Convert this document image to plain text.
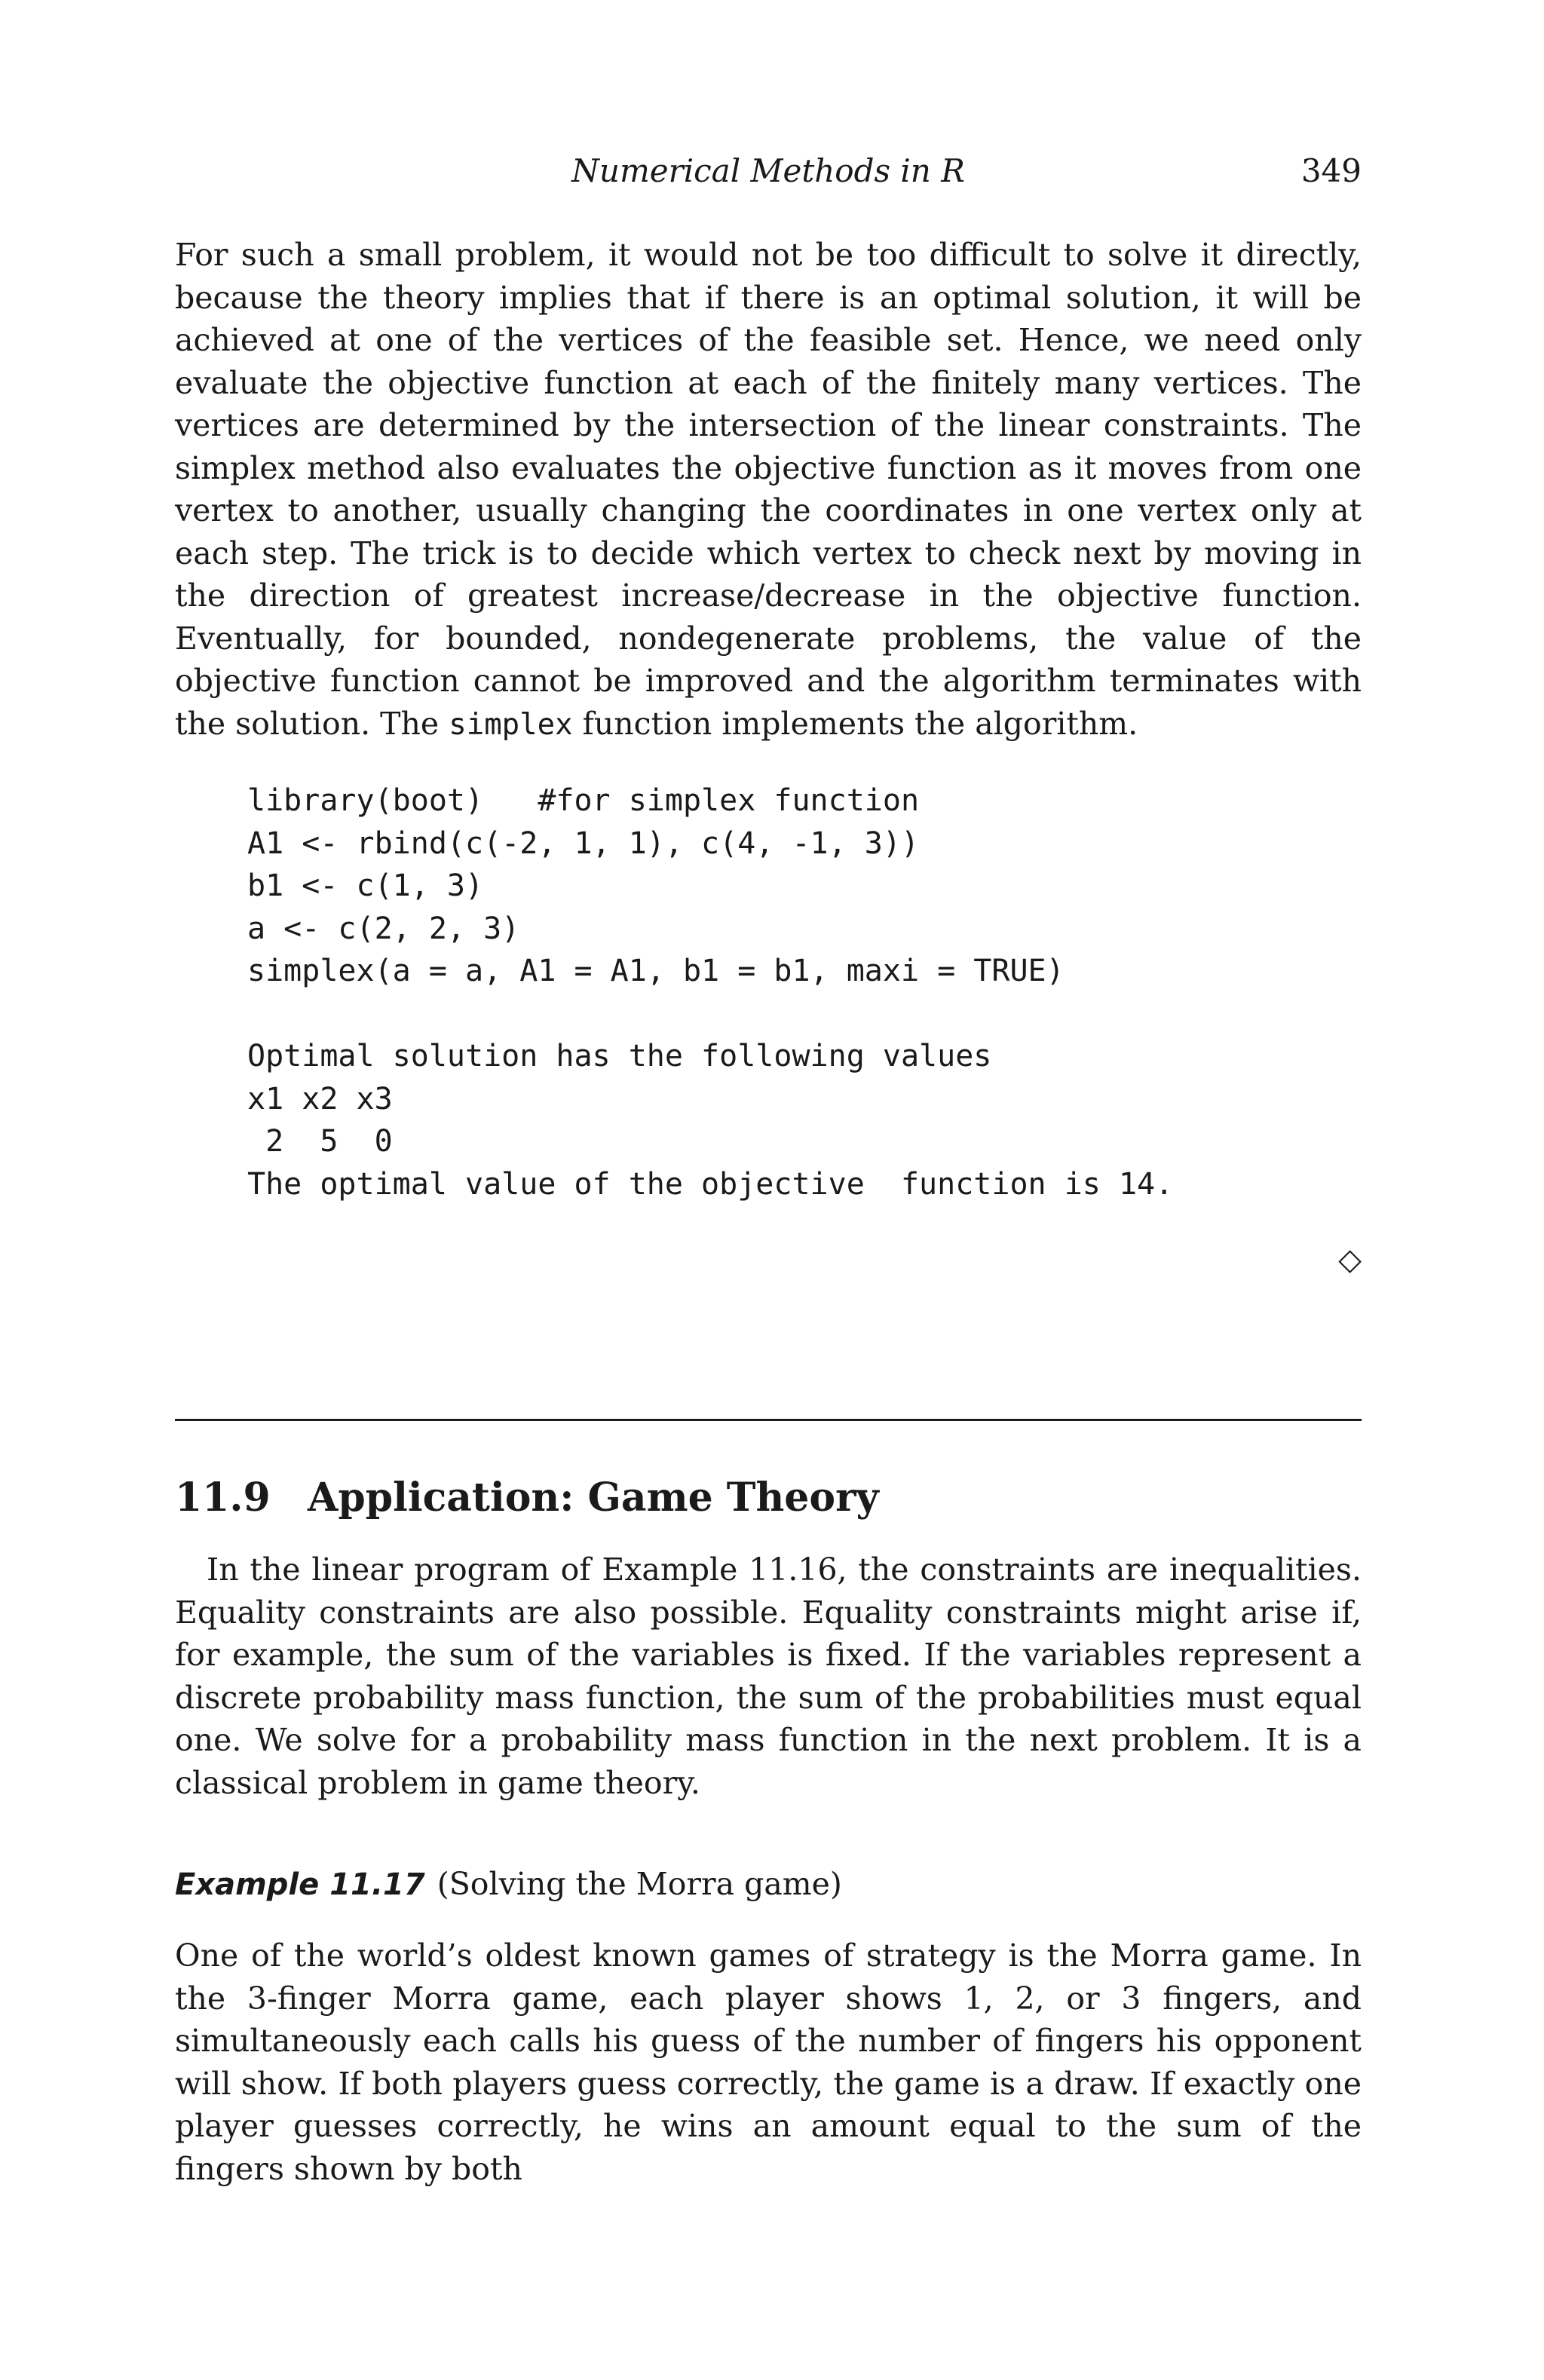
Numerical Methods in R	349

For such a small problem, it would not be too difficult to solve it directly, because the theory implies that if there is an optimal solution, it will be achieved at one of the vertices of the feasible set. Hence, we need only evaluate the objective function at each of the finitely many vertices. The vertices are determined by the intersection of the linear constraints. The simplex method also evaluates the objective function as it moves from one vertex to another, usually changing the coordinates in one vertex only at each step. The trick is to decide which vertex to check next by moving in the direction of greatest increase/decrease in the objective function. Eventually, for bounded, nondegenerate problems, the value of the objective function cannot be improved and the algorithm terminates with the solution. The simplex function implements the algorithm.

library(boot)   #for simplex function
A1 <- rbind(c(-2, 1, 1), c(4, -1, 3))
b1 <- c(1, 3)
a <- c(2, 2, 3)
simplex(a = a, A1 = A1, b1 = b1, maxi = TRUE)
Optimal solution has the following values
x1 x2 x3
2  5  0
The optimal value of the objective  function is 14.
◇
11.9 Application: Game Theory

In the linear program of Example 11.16, the constraints are inequalities. Equality constraints are also possible. Equality constraints might arise if, for example, the sum of the variables is fixed. If the variables represent a discrete probability mass function, the sum of the probabilities must equal one. We solve for a probability mass function in the next problem. It is a classical problem in game theory.

Example 11.17 (Solving the Morra game)

One of the world’s oldest known games of strategy is the Morra game. In the 3-finger Morra game, each player shows 1, 2, or 3 fingers, and simultaneously each calls his guess of the number of fingers his opponent will show. If both players guess correctly, the game is a draw. If exactly one player guesses correctly, he wins an amount equal to the sum of the fingers shown by both
